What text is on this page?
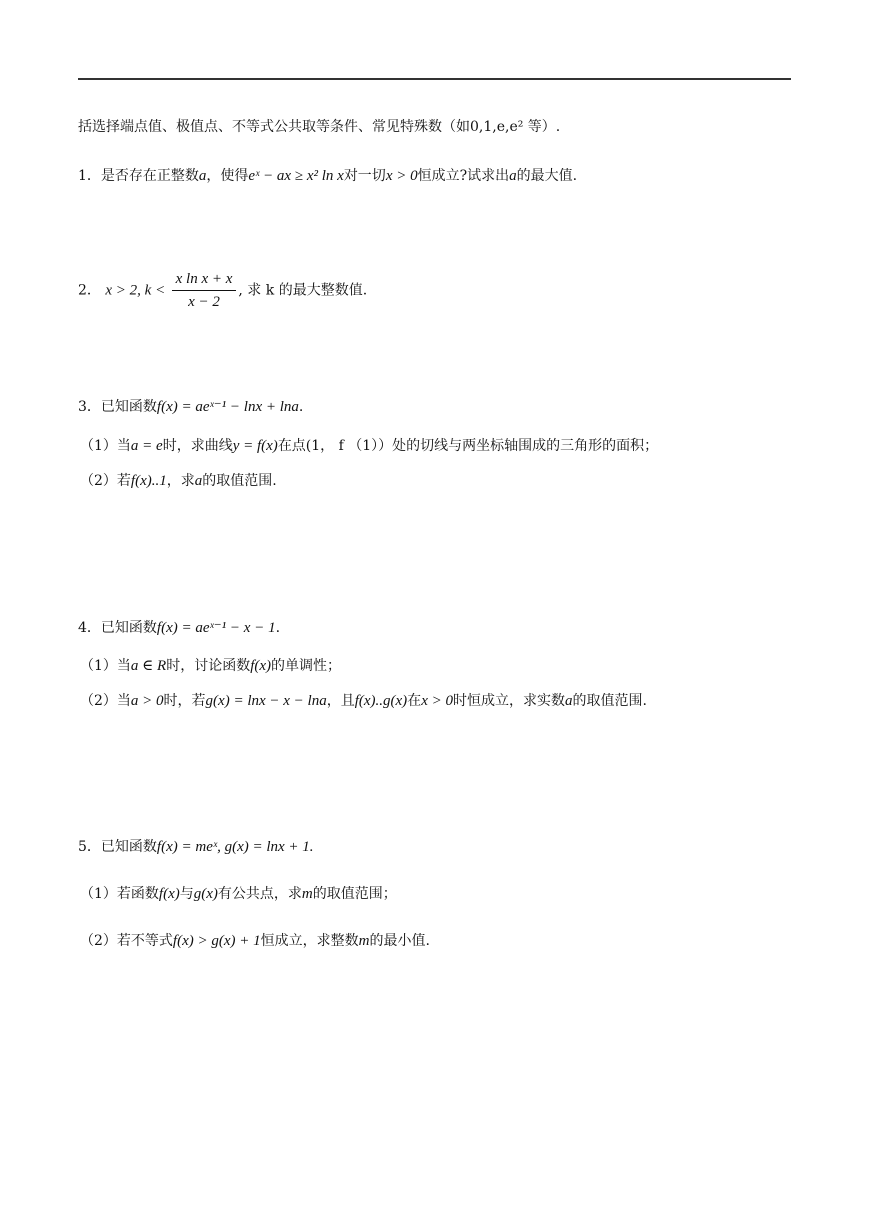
括选择端点值、极值点、不等式公共取等条件、常见特殊数（如0,1,e,e² 等）.
1．是否存在正整数a，使得eˣ − ax ≥ x² ln x对一切x > 0恒成立?试求出a的最大值.
2． x > 2, $k < \frac{\text{x ln x + x}}{x - 2}$ , 求 k 的最大整数值.
3．已知函数f(x) = aeˣ⁻¹ − lnx + lna.
（1）当a = e时，求曲线y = f(x)在点(1， f （1））处的切线与两坐标轴围成的三角形的面积；
（2）若f(x)..1，求a的取值范围.
4．已知函数f(x) = aeˣ⁻¹ − x − 1.
（1）当a ∈ R时，讨论函数f(x)的单调性；
（2）当a > 0时，若g(x) = lnx − x − lna，且f(x)..g(x)在x > 0时恒成立，求实数a的取值范围.
5．已知函数f(x) = meˣ, g(x) = lnx + 1.
（1）若函数f(x)与g(x)有公共点，求m的取值范围；
（2）若不等式f(x) > g(x) + 1恒成立，求整数m的最小值.
